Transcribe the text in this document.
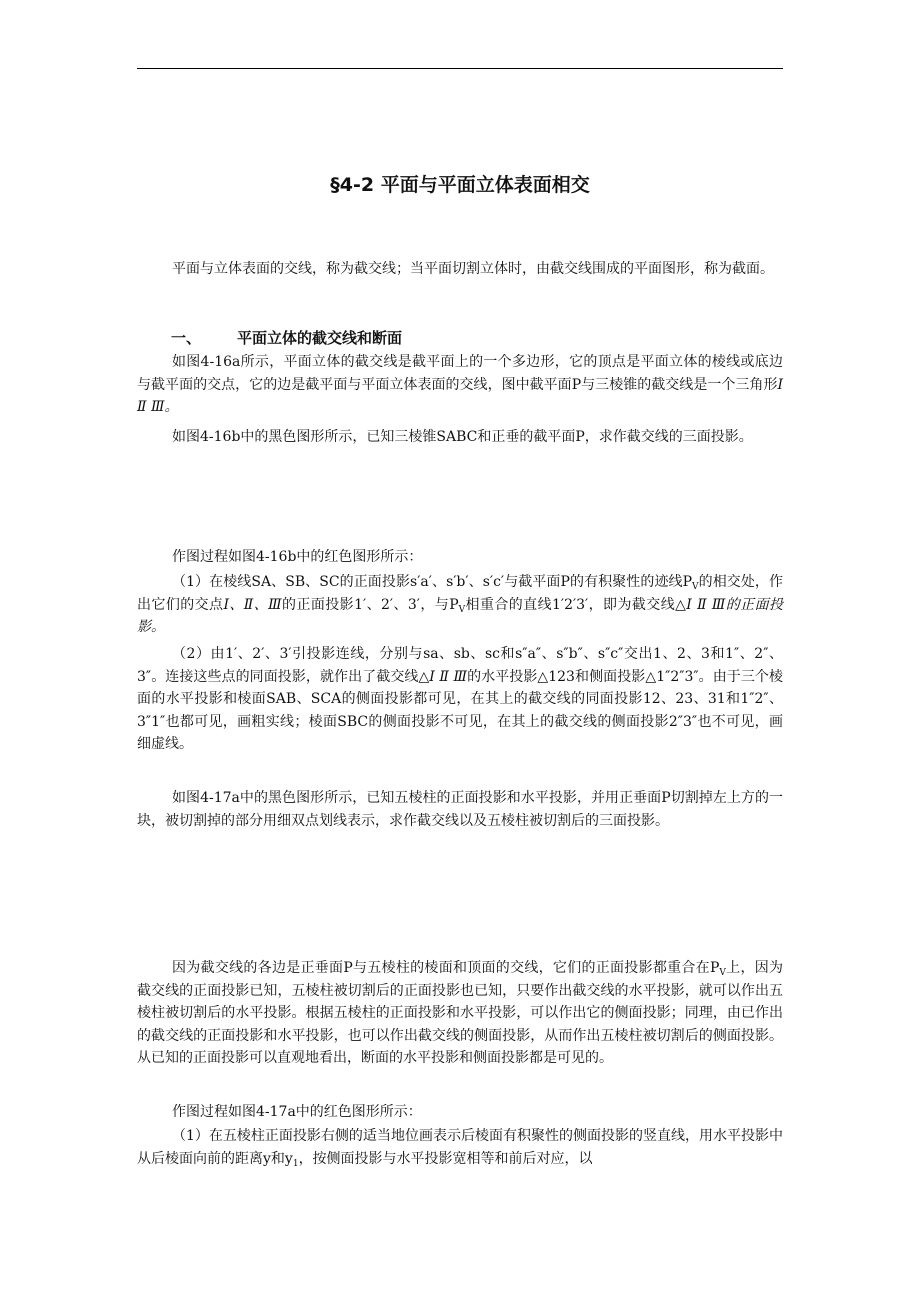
§4-2 平面与平面立体表面相交

平面与立体表面的交线，称为截交线；当平面切割立体时，由截交线围成的平面图形，称为截面。

一、 平面立体的截交线和断面

如图4-16a所示，平面立体的截交线是截平面上的一个多边形，它的顶点是平面立体的棱线或底边与截平面的交点，它的边是截平面与平面立体表面的交线，图中截平面P与三棱锥的截交线是一个三角形Ⅰ Ⅱ Ⅲ。

如图4-16b中的黑色图形所示，已知三棱锥SABC和正垂的截平面P，求作截交线的三面投影。

作图过程如图4-16b中的红色图形所示：

（1）在棱线SA、SB、SC的正面投影s′a′、s′b′、s′c′与截平面P的有积聚性的迹线$P_V$的相交处，作出它们的交点Ⅰ、Ⅱ、Ⅲ的正面投影1′、2′、3′，与$P_V$相重合的直线1′2′3′，即为截交线△Ⅰ Ⅱ Ⅲ的正面投影。

（2）由1′、2′、3′引投影连线，分别与sa、sb、sc和s″a″、s″b″、s″c″交出1、2、3和1″、2″、3″。连接这些点的同面投影，就作出了截交线△Ⅰ Ⅱ Ⅲ的水平投影△123和侧面投影△1″2″3″。由于三个棱面的水平投影和棱面SAB、SCA的侧面投影都可见，在其上的截交线的同面投影12、23、31和1″2″、3″1″也都可见，画粗实线；棱面SBC的侧面投影不可见，在其上的截交线的侧面投影2″3″也不可见，画细虚线。

如图4-17a中的黑色图形所示，已知五棱柱的正面投影和水平投影，并用正垂面P切割掉左上方的一块，被切割掉的部分用细双点划线表示，求作截交线以及五棱柱被切割后的三面投影。

因为截交线的各边是正垂面P与五棱柱的棱面和顶面的交线，它们的正面投影都重合在$P_V$上，因为截交线的正面投影已知，五棱柱被切割后的正面投影也已知，只要作出截交线的水平投影，就可以作出五棱柱被切割后的水平投影。根据五棱柱的正面投影和水平投影，可以作出它的侧面投影；同理，由已作出的截交线的正面投影和水平投影，也可以作出截交线的侧面投影，从而作出五棱柱被切割后的侧面投影。从已知的正面投影可以直观地看出，断面的水平投影和侧面投影都是可见的。

作图过程如图4-17a中的红色图形所示：

（1）在五棱柱正面投影右侧的适当地位画表示后棱面有积聚性的侧面投影的竖直线，用水平投影中从后棱面向前的距离y和$y_1$，按侧面投影与水平投影宽相等和前后对应，以
